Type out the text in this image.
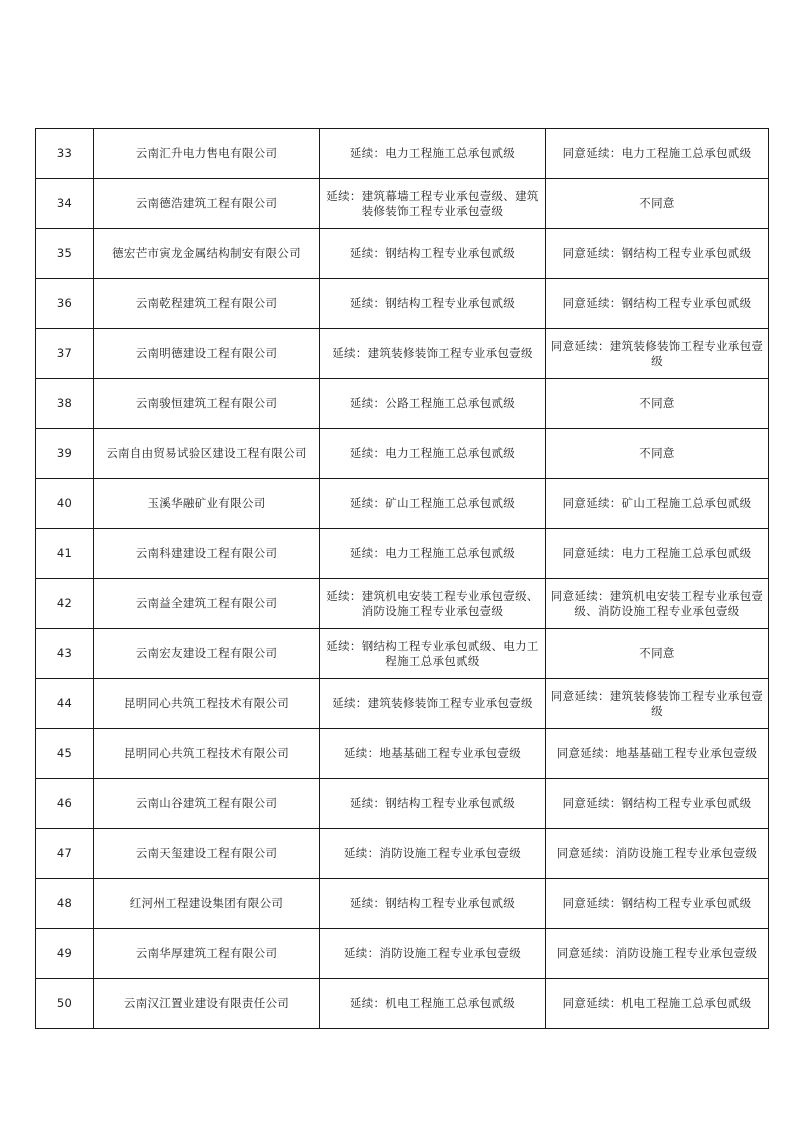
33	云南汇升电力售电有限公司	延续：电力工程施工总承包贰级	同意延续：电力工程施工总承包贰级
34	云南德浩建筑工程有限公司	延续：建筑幕墙工程专业承包壹级、建筑装修装饰工程专业承包壹级	不同意
35	德宏芒市寅龙金属结构制安有限公司	延续：钢结构工程专业承包贰级	同意延续：钢结构工程专业承包贰级
36	云南乾程建筑工程有限公司	延续：钢结构工程专业承包贰级	同意延续：钢结构工程专业承包贰级
37	云南明德建设工程有限公司	延续：建筑装修装饰工程专业承包壹级	同意延续：建筑装修装饰工程专业承包壹级
38	云南骏恒建筑工程有限公司	延续：公路工程施工总承包贰级	不同意
39	云南自由贸易试验区建设工程有限公司	延续：电力工程施工总承包贰级	不同意
40	玉溪华融矿业有限公司	延续：矿山工程施工总承包贰级	同意延续：矿山工程施工总承包贰级
41	云南科建建设工程有限公司	延续：电力工程施工总承包贰级	同意延续：电力工程施工总承包贰级
42	云南益全建筑工程有限公司	延续：建筑机电安装工程专业承包壹级、消防设施工程专业承包壹级	同意延续：建筑机电安装工程专业承包壹级、消防设施工程专业承包壹级
43	云南宏友建设工程有限公司	延续：钢结构工程专业承包贰级、电力工程施工总承包贰级	不同意
44	昆明同心共筑工程技术有限公司	延续：建筑装修装饰工程专业承包壹级	同意延续：建筑装修装饰工程专业承包壹级
45	昆明同心共筑工程技术有限公司	延续：地基基础工程专业承包壹级	同意延续：地基基础工程专业承包壹级
46	云南山谷建筑工程有限公司	延续：钢结构工程专业承包贰级	同意延续：钢结构工程专业承包贰级
47	云南天玺建设工程有限公司	延续：消防设施工程专业承包壹级	同意延续：消防设施工程专业承包壹级
48	红河州工程建设集团有限公司	延续：钢结构工程专业承包贰级	同意延续：钢结构工程专业承包贰级
49	云南华厚建筑工程有限公司	延续：消防设施工程专业承包壹级	同意延续：消防设施工程专业承包壹级
50	云南汉江置业建设有限责任公司	延续：机电工程施工总承包贰级	同意延续：机电工程施工总承包贰级
